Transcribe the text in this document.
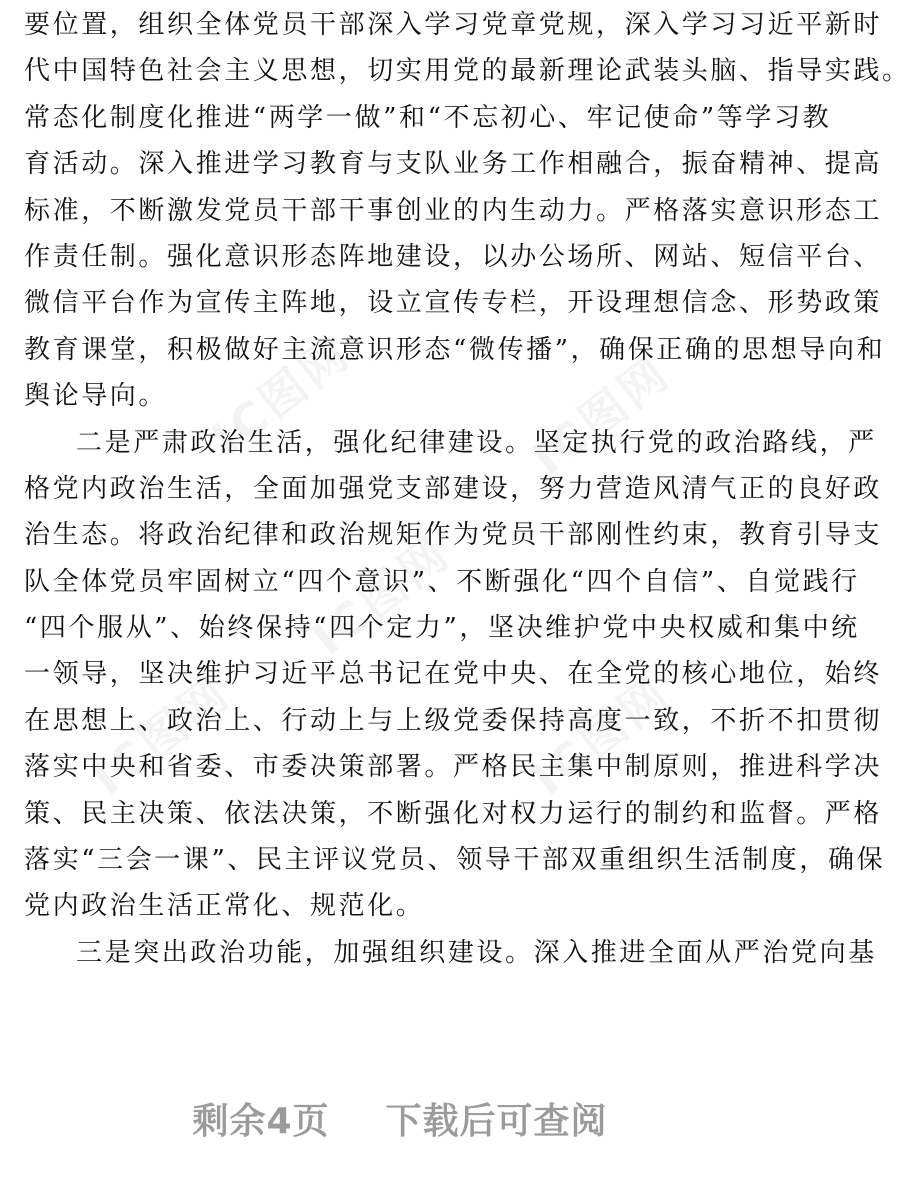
IC图网	IC图网
IC图网
IC图网	IC图网
要位置，组织全体党员干部深入学习党章党规，深入学习习近平新时
代中国特色社会主义思想，切实用党的最新理论武装头脑、指导实践。
常态化制度化推进“两学一做”和“不忘初心、牢记使命”等学习教
育活动。深入推进学习教育与支队业务工作相融合，振奋精神、提高
标准，不断激发党员干部干事创业的内生动力。严格落实意识形态工
作责任制。强化意识形态阵地建设，以办公场所、网站、短信平台、
微信平台作为宣传主阵地，设立宣传专栏，开设理想信念、形势政策
教育课堂，积极做好主流意识形态“微传播”，确保正确的思想导向和
舆论导向。
二是严肃政治生活，强化纪律建设。坚定执行党的政治路线，严
格党内政治生活，全面加强党支部建设，努力营造风清气正的良好政
治生态。将政治纪律和政治规矩作为党员干部刚性约束，教育引导支
队全体党员牢固树立“四个意识”、不断强化“四个自信”、自觉践行
“四个服从”、始终保持“四个定力”，坚决维护党中央权威和集中统
一领导，坚决维护习近平总书记在党中央、在全党的核心地位，始终
在思想上、政治上、行动上与上级党委保持高度一致，不折不扣贯彻
落实中央和省委、市委决策部署。严格民主集中制原则，推进科学决
策、民主决策、依法决策，不断强化对权力运行的制约和监督。严格
落实“三会一课”、民主评议党员、领导干部双重组织生活制度，确保
党内政治生活正常化、规范化。
三是突出政治功能，加强组织建设。深入推进全面从严治党向基
剩余4页 下载后可查阅
